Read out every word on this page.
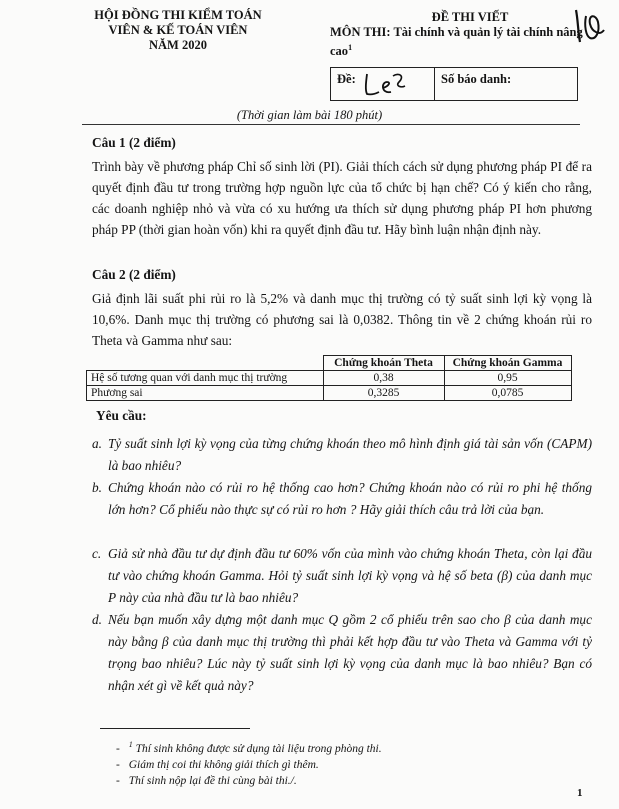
HỘI ĐỒNG THI KIỂM TOÁN
VIÊN & KẾ TOÁN VIÊN
NĂM 2020
ĐỀ THI VIẾT
MÔN THI: Tài chính và quản lý tài chính nâng cao$^1$
Đề:	Số báo danh:
(Thời gian làm bài 180 phút)
Câu 1 (2 điểm)

Trình bày về phương pháp Chỉ số sinh lời (PI). Giải thích cách sử dụng phương pháp PI để ra quyết định đầu tư trong trường hợp nguồn lực của tổ chức bị hạn chế? Có ý kiến cho rằng, các doanh nghiệp nhỏ và vừa có xu hướng ưa thích sử dụng phương pháp PI hơn phương pháp PP (thời gian hoàn vốn) khi ra quyết định đầu tư. Hãy bình luận nhận định này.

Câu 2 (2 điểm)

Giả định lãi suất phi rủi ro là 5,2% và danh mục thị trường có tỷ suất sinh lợi kỳ vọng là 10,6%. Danh mục thị trường có phương sai là 0,0382. Thông tin về 2 chứng khoán rủi ro Theta và Gamma như sau:

	Chứng khoán Theta	Chứng khoán Gamma
Hệ số tương quan với danh mục thị trường	0,38	0,95
Phương sai	0,3285	0,0785
Yêu cầu:
a. Tỷ suất sinh lợi kỳ vọng của từng chứng khoán theo mô hình định giá tài sản vốn (CAPM) là bao nhiêu?
b. Chứng khoán nào có rủi ro hệ thống cao hơn? Chứng khoán nào có rủi ro phi hệ thống lớn hơn? Cổ phiếu nào thực sự có rủi ro hơn ? Hãy giải thích câu trả lời của bạn.
c. Giả sử nhà đầu tư dự định đầu tư 60% vốn của mình vào chứng khoán Theta, còn lại đầu tư vào chứng khoán Gamma. Hỏi tỷ suất sinh lợi kỳ vọng và hệ số beta (β) của danh mục P này của nhà đầu tư là bao nhiêu?
d. Nếu bạn muốn xây dựng một danh mục Q gồm 2 cổ phiếu trên sao cho β của danh mục này bằng β của danh mục thị trường thì phải kết hợp đầu tư vào Theta và Gamma với tỷ trọng bao nhiêu? Lúc này tỷ suất sinh lợi kỳ vọng của danh mục là bao nhiêu? Bạn có nhận xét gì về kết quả này?
- $^1$ Thí sinh không được sử dụng tài liệu trong phòng thi.
- Giám thị coi thi không giải thích gì thêm.
- Thí sinh nộp lại đề thi cùng bài thi./.
1
